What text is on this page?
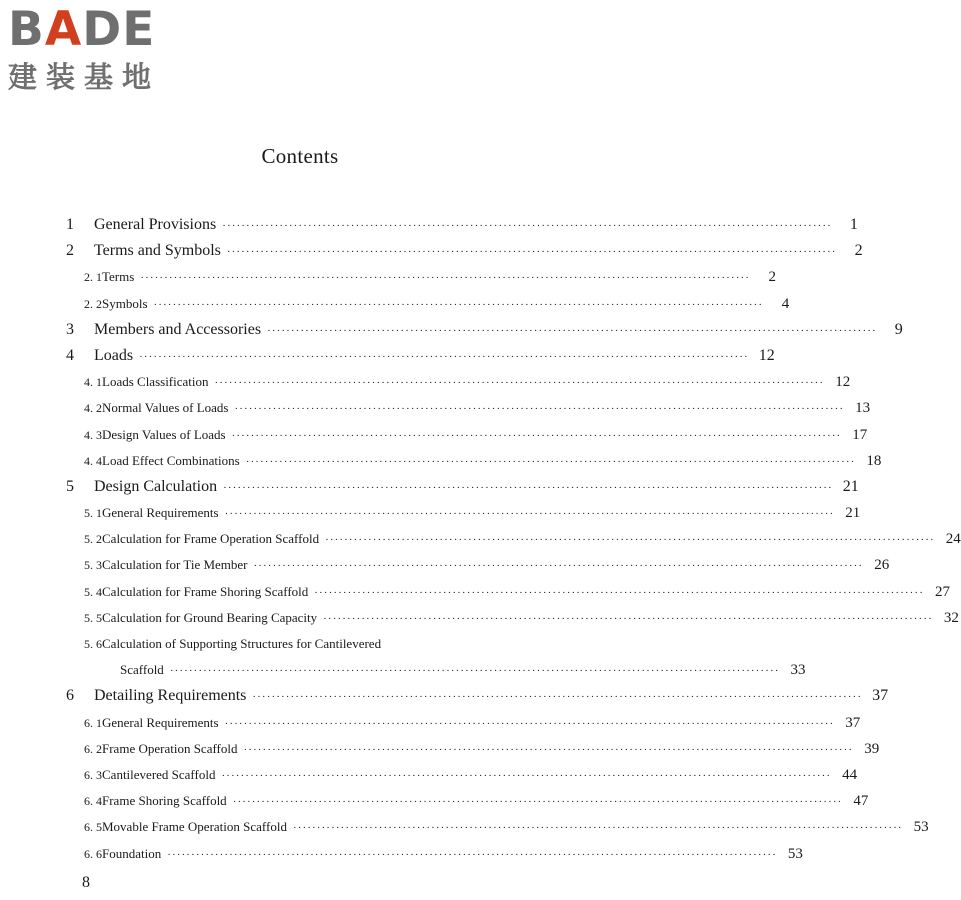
BADE
建装基地
Contents
1	General Provisions ·····	1
2	Terms and Symbols ·····	2
2. 1 Terms ·····	2
2. 2 Symbols ·····	4
3	Members and Accessories ·····	9
4	Loads ·····	12
4. 1 Loads Classification ·····	12
4. 2 Normal Values of Loads ·····	13
4. 3 Design Values of Loads ·····	17
4. 4 Load Effect Combinations ·····	18
5	Design Calculation ·····	21
5. 1 General Requirements ·····	21
5. 2 Calculation for Frame Operation Scaffold ·····	24
5. 3 Calculation for Tie Member ·····	26
5. 4 Calculation for Frame Shoring Scaffold ·····	27
5. 5 Calculation for Ground Bearing Capacity ·····	32
5. 6 Calculation of Supporting Structures for Cantilevered
Scaffold ·····	33
6	Detailing Requirements ·····	37
6. 1 General Requirements ·····	37
6. 2 Frame Operation Scaffold ·····	39
6. 3 Cantilevered Scaffold ·····	44
6. 4 Frame Shoring Scaffold ·····	47
6. 5 Movable Frame Operation Scaffold ·····	53
6. 6 Foundation ·····	53
8
